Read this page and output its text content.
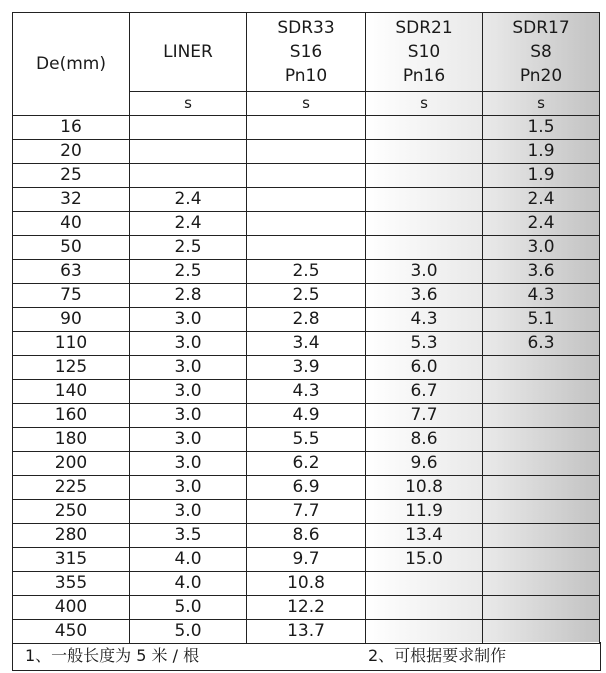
De(mm)	LINER	SDR33
S16
Pn10	SDR21
S10
Pn16	SDR17
S8
Pn20

	s	s	s	s
16				1.5
20				1.9
25				1.9
32	2.4			2.4
40	2.4			2.4
50	2.5			3.0
63	2.5	2.5	3.0	3.6
75	2.8	2.5	3.6	4.3
90	3.0	2.8	4.3	5.1
110	3.0	3.4	5.3	6.3
125	3.0	3.9	6.0	
140	3.0	4.3	6.7	
160	3.0	4.9	7.7	
180	3.0	5.5	8.6	
200	3.0	6.2	9.6	
225	3.0	6.9	10.8	
250	3.0	7.7	11.9	
280	3.5	8.6	13.4	
315	4.0	9.7	15.0	
355	4.0	10.8		
400	5.0	12.2		
450	5.0	13.7		
1、一般长度为 5 米 / 根	2、可根据要求制作
